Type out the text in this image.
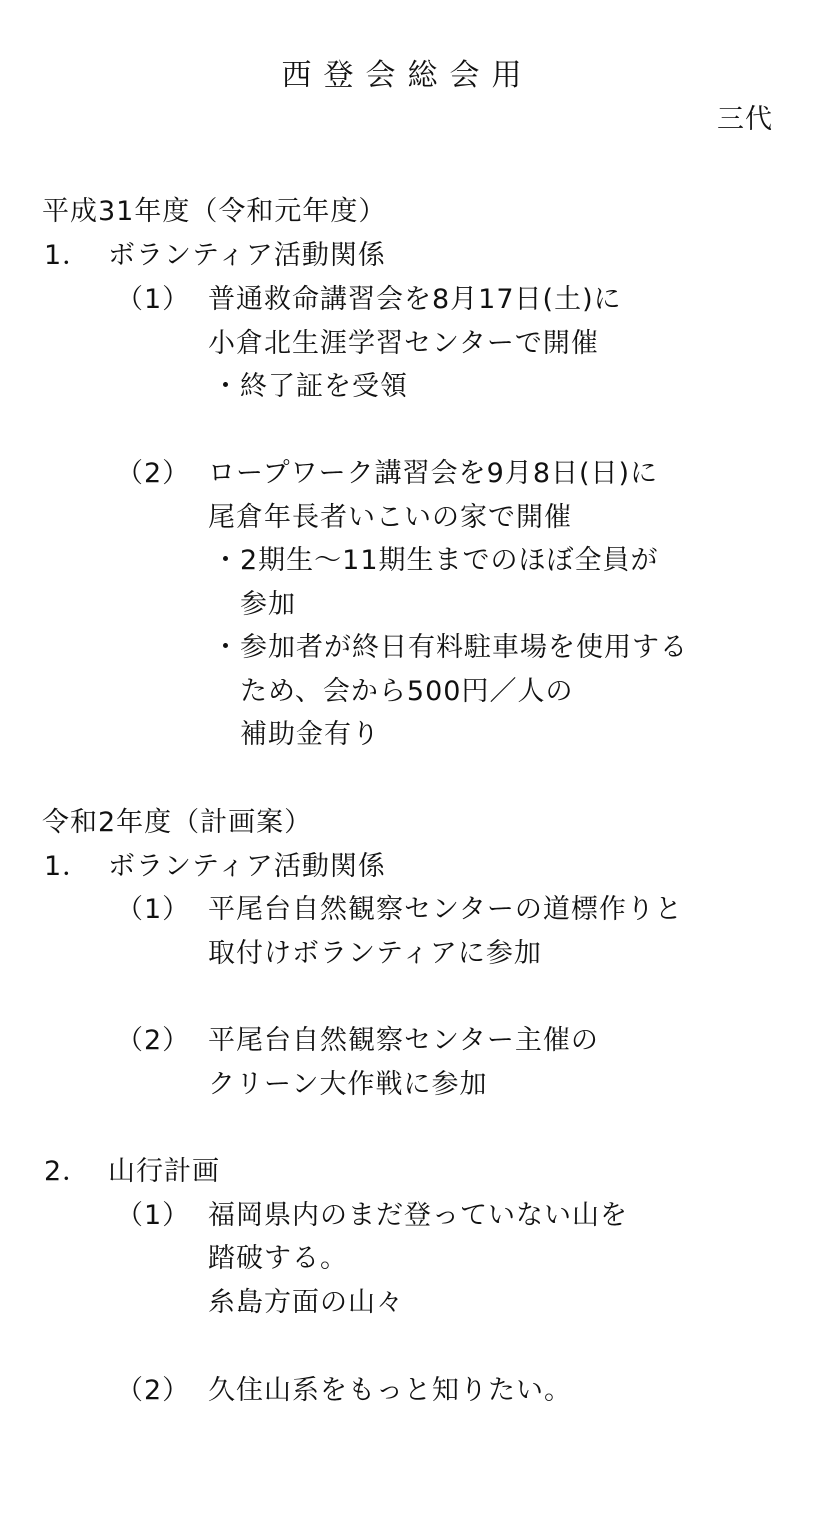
西登会総会用
三代
平成31年度（令和元年度）
1． ボランティア活動関係
（1） 普通救命講習会を8月17日(土)に
小倉北生涯学習センターで開催
・終了証を受領
（2） ロープワーク講習会を9月8日(日)に
尾倉年長者いこいの家で開催
・2期生～11期生までのほぼ全員が
参加
・参加者が終日有料駐車場を使用する
ため、会から500円／人の
補助金有り
令和2年度（計画案）
1． ボランティア活動関係
（1） 平尾台自然観察センターの道標作りと
取付けボランティアに参加
（2） 平尾台自然観察センター主催の
クリーン大作戦に参加
2． 山行計画
（1） 福岡県内のまだ登っていない山を
踏破する。
糸島方面の山々
（2） 久住山系をもっと知りたい。
